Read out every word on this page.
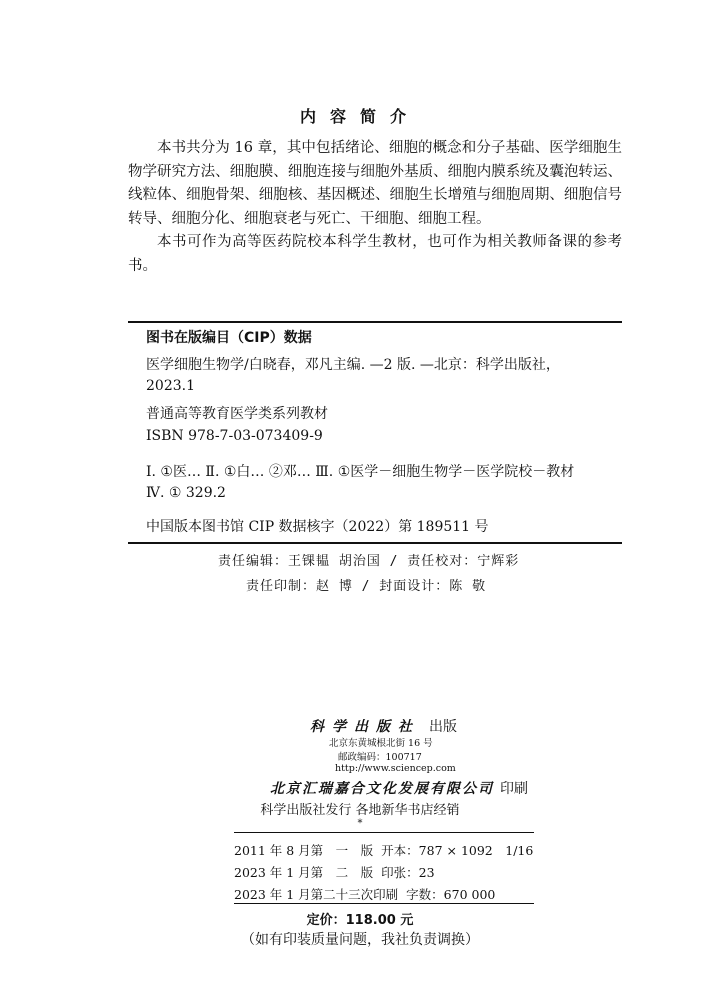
内容简介

本书共分为 16 章，其中包括绪论、细胞的概念和分子基础、医学细胞生物学研究方法、细胞膜、细胞连接与细胞外基质、细胞内膜系统及囊泡转运、线粒体、细胞骨架、细胞核、基因概述、细胞生长增殖与细胞周期、细胞信号转导、细胞分化、细胞衰老与死亡、干细胞、细胞工程。

本书可作为高等医药院校本科学生教材，也可作为相关教师备课的参考书。

图书在版编目（CIP）数据
医学细胞生物学/白晓春，邓凡主编. —2 版. —北京：科学出版社，
2023.1
普通高等教育医学类系列教材
ISBN 978-7-03-073409-9
Ⅰ. ①医… Ⅱ. ①白… ②邓… Ⅲ. ①医学－细胞生物学－医学院校－教材
Ⅳ. ① 329.2
中国版本图书馆 CIP 数据核字（2022）第 189511 号
责任编辑：王锞韫 胡治国 / 责任校对：宁辉彩
责任印制：赵 博 / 封面设计：陈 敬
科学出版社 出版
北京东黄城根北街 16 号
邮政编码：100717
http://www.sciencep.com
北京汇瑞嘉合文化发展有限公司 印刷
科学出版社发行 各地新华书店经销
*
2011 年 8 月第　一　版 开本：787 × 1092　1/16
2023 年 1 月第　二　版 印张：23
2023 年 1 月第二十三次印刷 字数：670 000
定价：118.00 元
（如有印装质量问题，我社负责调换）
